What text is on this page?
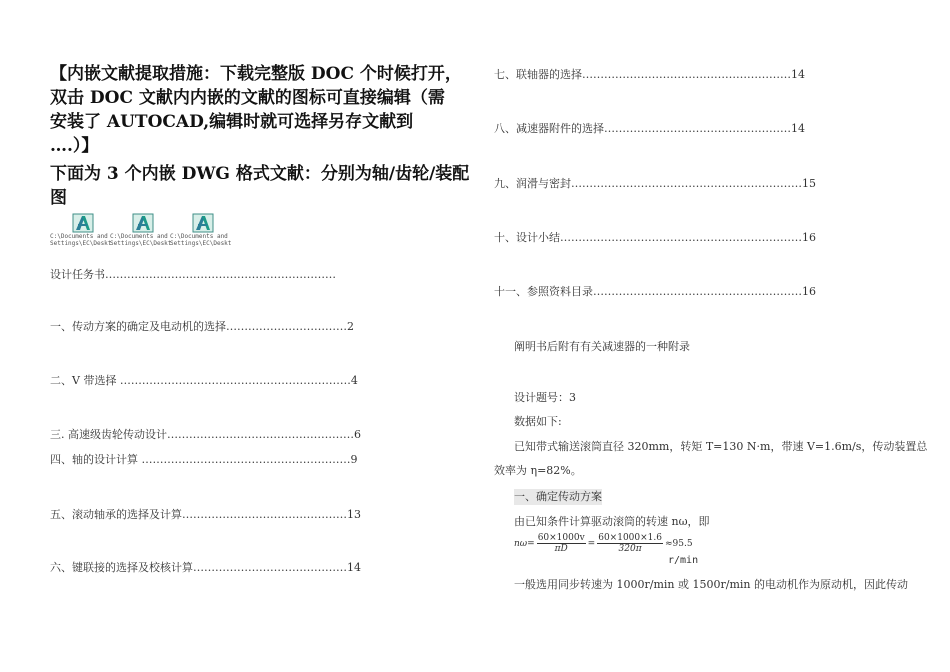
【内嵌文献提取措施：下载完整版 DOC 个时候打开，
双击 DOC 文献内内嵌的文献的图标可直接编辑（需
安装了 AUTOCAD,编辑时就可选择另存文献到
….）】
下面为 3 个内嵌 DWG 格式文献：分别为轴/齿轮/装配
图
C:\Documents and
Settings\EC\Deskt
C:\Documents and
Settings\EC\Deskt
C:\Documents and
Settings\EC\Deskt
设计任务书………………………………………………………
一、传动方案的确定及电动机的选择……………………………2
二、V 带选择 ………………………………………………………4
三. 高速级齿轮传动设计……………………………………………6
四、轴的设计计算 …………………………………………………9
五、滚动轴承的选择及计算………………………………………13
六、键联接的选择及校核计算……………………………………14
七、联轴器的选择…………………………………………………14
八、减速器附件的选择……………………………………………14
九、润滑与密封………………………………………………………15
十、设计小结…………………………………………………………16
十一、参照资料目录…………………………………………………16
阐明书后附有有关减速器的一种附录
设计题号：3
数据如下:
已知带式输送滚筒直径 320mm，转矩 T=130 N·m，带速 V=1.6m/s，传动装置总
效率为 η=82%。
一、确定传动方案
由已知条件计算驱动滚筒的转速 nω，即
$n\omega= \frac{60\times 1000v}{\pi D} = \frac{60\times 1000\times 1.6}{320\pi} \approx 95.5$
r/min
一般选用同步转速为 1000r/min 或 1500r/min 的电动机作为原动机，因此传动
